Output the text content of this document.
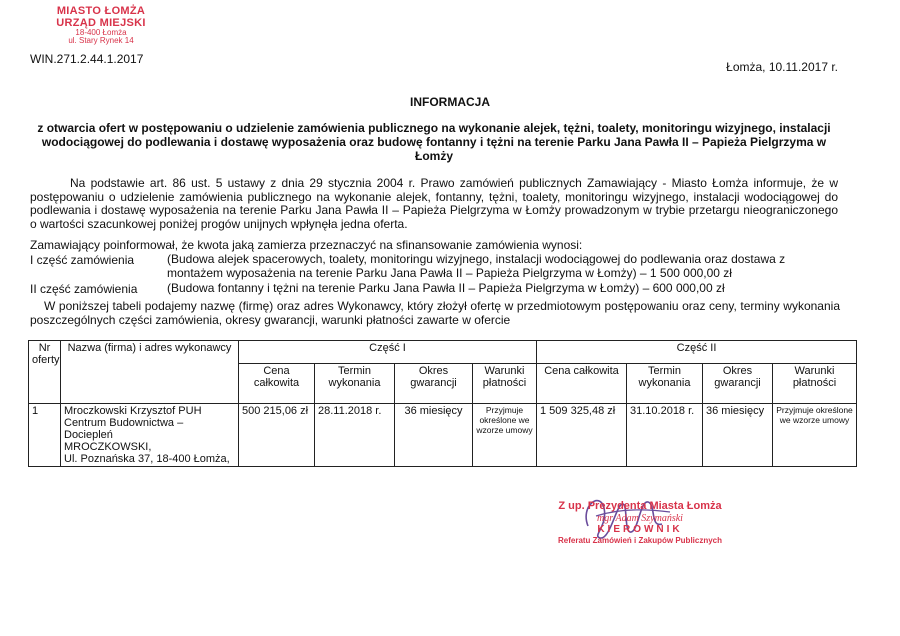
MIASTO ŁOMŻA
URZĄD MIEJSKI
18-400 Łomża
ul. Stary Rynek 14
WIN.271.2.44.1.2017
Łomża, 10.11.2017 r.
INFORMACJA
z otwarcia ofert w postępowaniu o udzielenie zamówienia publicznego na wykonanie alejek, tężni, toalety, monitoringu wizyjnego, instalacji wodociągowej do podlewania i dostawę wyposażenia oraz budowę fontanny i tężni na terenie Parku Jana Pawła II – Papieża Pielgrzyma w Łomży
Na podstawie art. 86 ust. 5 ustawy z dnia 29 stycznia 2004 r. Prawo zamówień publicznych Zamawiający - Miasto Łomża informuje, że w postępowaniu o udzielenie zamówienia publicznego na wykonanie alejek, fontanny, tężni, toalety, monitoringu wizyjnego, instalacji wodociągowej do podlewania i dostawę wyposażenia na terenie Parku Jana Pawła II – Papieża Pielgrzyma w Łomży prowadzonym w trybie przetargu nieograniczonego o wartości szacunkowej poniżej progów unijnych wpłynęła jedna oferta.
Zamawiający poinformował, że kwota jaką zamierza przeznaczyć na sfinansowanie zamówienia wynosi:
I część zamówienia	(Budowa alejek spacerowych, toalety, monitoringu wizyjnego, instalacji wodociągowej do podlewania oraz dostawa z montażem wyposażenia na terenie Parku Jana Pawła II – Papieża Pielgrzyma w Łomży) – 1 500 000,00 zł
II część zamówienia (Budowa fontanny i tężni na terenie Parku Jana Pawła II – Papieża Pielgrzyma w Łomży) – 600 000,00 zł
W poniższej tabeli podajemy nazwę (firmę) oraz adres Wykonawcy, który złożył ofertę w przedmiotowym postępowaniu oraz ceny, terminy wykonania poszczególnych części zamówienia, okresy gwarancji, warunki płatności zawarte w ofercie
Nr oferty	Nazwa (firma) i adres wykonawcy	Część I				Część II			
		Cena całkowita	Termin wykonania	Okres gwarancji	Warunki płatności	Cena całkowita	Termin wykonania	Okres gwarancji	Warunki płatności
1	Mroczkowski Krzysztof PUH
Centrum Budownictwa – Dociepleń
MROCZKOWSKI,
Ul. Poznańska 37, 18-400 Łomża,	500 215,06 zł	28.11.2018 r.	36 miesięcy	Przyjmuje określone we wzorze umowy	1 509 325,48 zł	31.10.2018 r.	36 miesięcy	Przyjmuje określone we wzorze umowy
Z up. Prezydenta Miasta Łomża
mgr Adam Szymański
KIEROWNIK
Referatu Zamówień i Zakupów Publicznych
